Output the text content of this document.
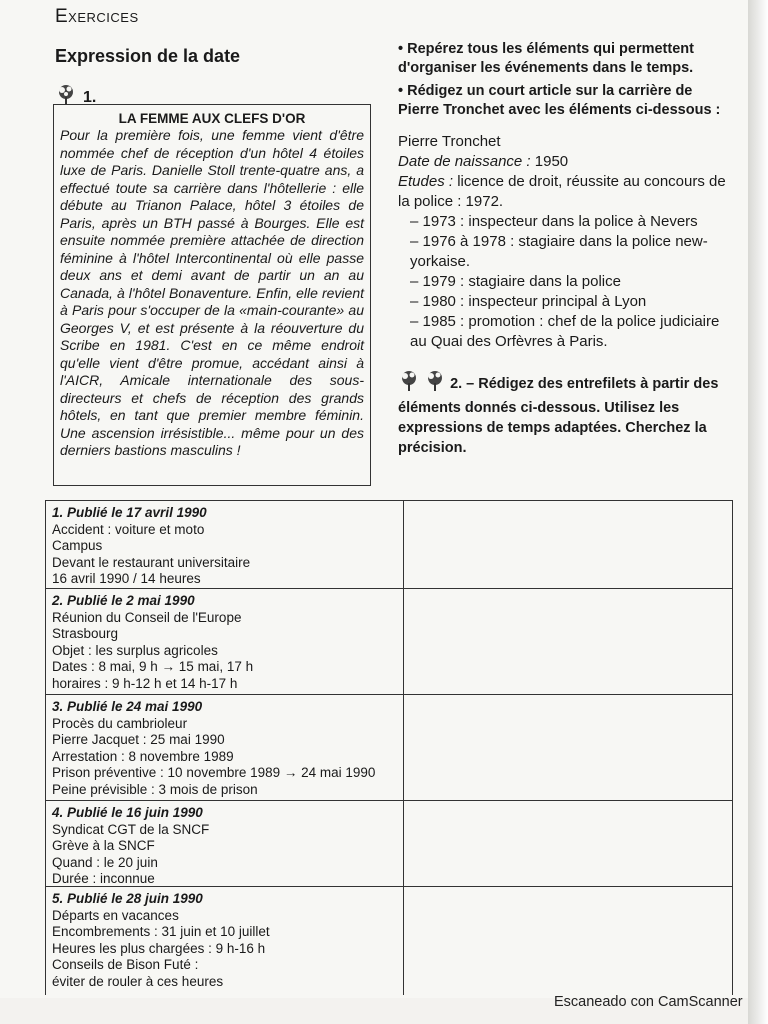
Exercices
Expression de la date
1.
LA FEMME AUX CLEFS D'OR
Pour la première fois, une femme vient d'être nommée chef de réception d'un hôtel 4 étoiles luxe de Paris. Danielle Stoll trente-quatre ans, a effectué toute sa carrière dans l'hôtellerie : elle débute au Trianon Palace, hôtel 3 étoiles de Paris, après un BTH passé à Bourges. Elle est ensuite nommée première attachée de direction féminine à l'hôtel Intercontinental où elle passe deux ans et demi avant de partir un an au Canada, à l'hôtel Bonaventure. Enfin, elle revient à Paris pour s'occuper de la «main-courante» au Georges V, et est présente à la réouverture du Scribe en 1981. C'est en ce même endroit qu'elle vient d'être promue, accédant ainsi à l'AICR, Amicale internationale des sous-directeurs et chefs de réception des grands hôtels, en tant que premier membre féminin. Une ascension irrésistible... même pour un des derniers bastions masculins !
• Repérez tous les éléments qui permettent d'organiser les événements dans le temps.
• Rédigez un court article sur la carrière de Pierre Tronchet avec les éléments ci-dessous :
Pierre Tronchet
Date de naissance : 1950
Etudes : licence de droit, réussite au concours de la police : 1972.
– 1973 : inspecteur dans la police à Nevers
– 1976 à 1978 : stagiaire dans la police new-yorkaise.
– 1979 : stagiaire dans la police
– 1980 : inspecteur principal à Lyon
– 1985 : promotion : chef de la police judiciaire au Quai des Orfèvres à Paris.
2. – Rédigez des entrefilets à partir des éléments donnés ci-dessous. Utilisez les expressions de temps adaptées. Cherchez la précision.
1. Publié le 17 avril 1990
Accident : voiture et moto
Campus
Devant le restaurant universitaire
16 avril 1990 / 14 heures
2. Publié le 2 mai 1990
Réunion du Conseil de l'Europe
Strasbourg
Objet : les surplus agricoles
Dates : 8 mai, 9 h → 15 mai, 17 h
horaires : 9 h-12 h et 14 h-17 h
3. Publié le 24 mai 1990
Procès du cambrioleur
Pierre Jacquet : 25 mai 1990
Arrestation : 8 novembre 1989
Prison préventive : 10 novembre 1989 → 24 mai 1990
Peine prévisible : 3 mois de prison
4. Publié le 16 juin 1990
Syndicat CGT de la SNCF
Grève à la SNCF
Quand : le 20 juin
Durée : inconnue
5. Publié le 28 juin 1990
Départs en vacances
Encombrements : 31 juin et 10 juillet
Heures les plus chargées : 9 h-16 h
Conseils de Bison Futé :
éviter de rouler à ces heures
Escaneado con CamScanner
